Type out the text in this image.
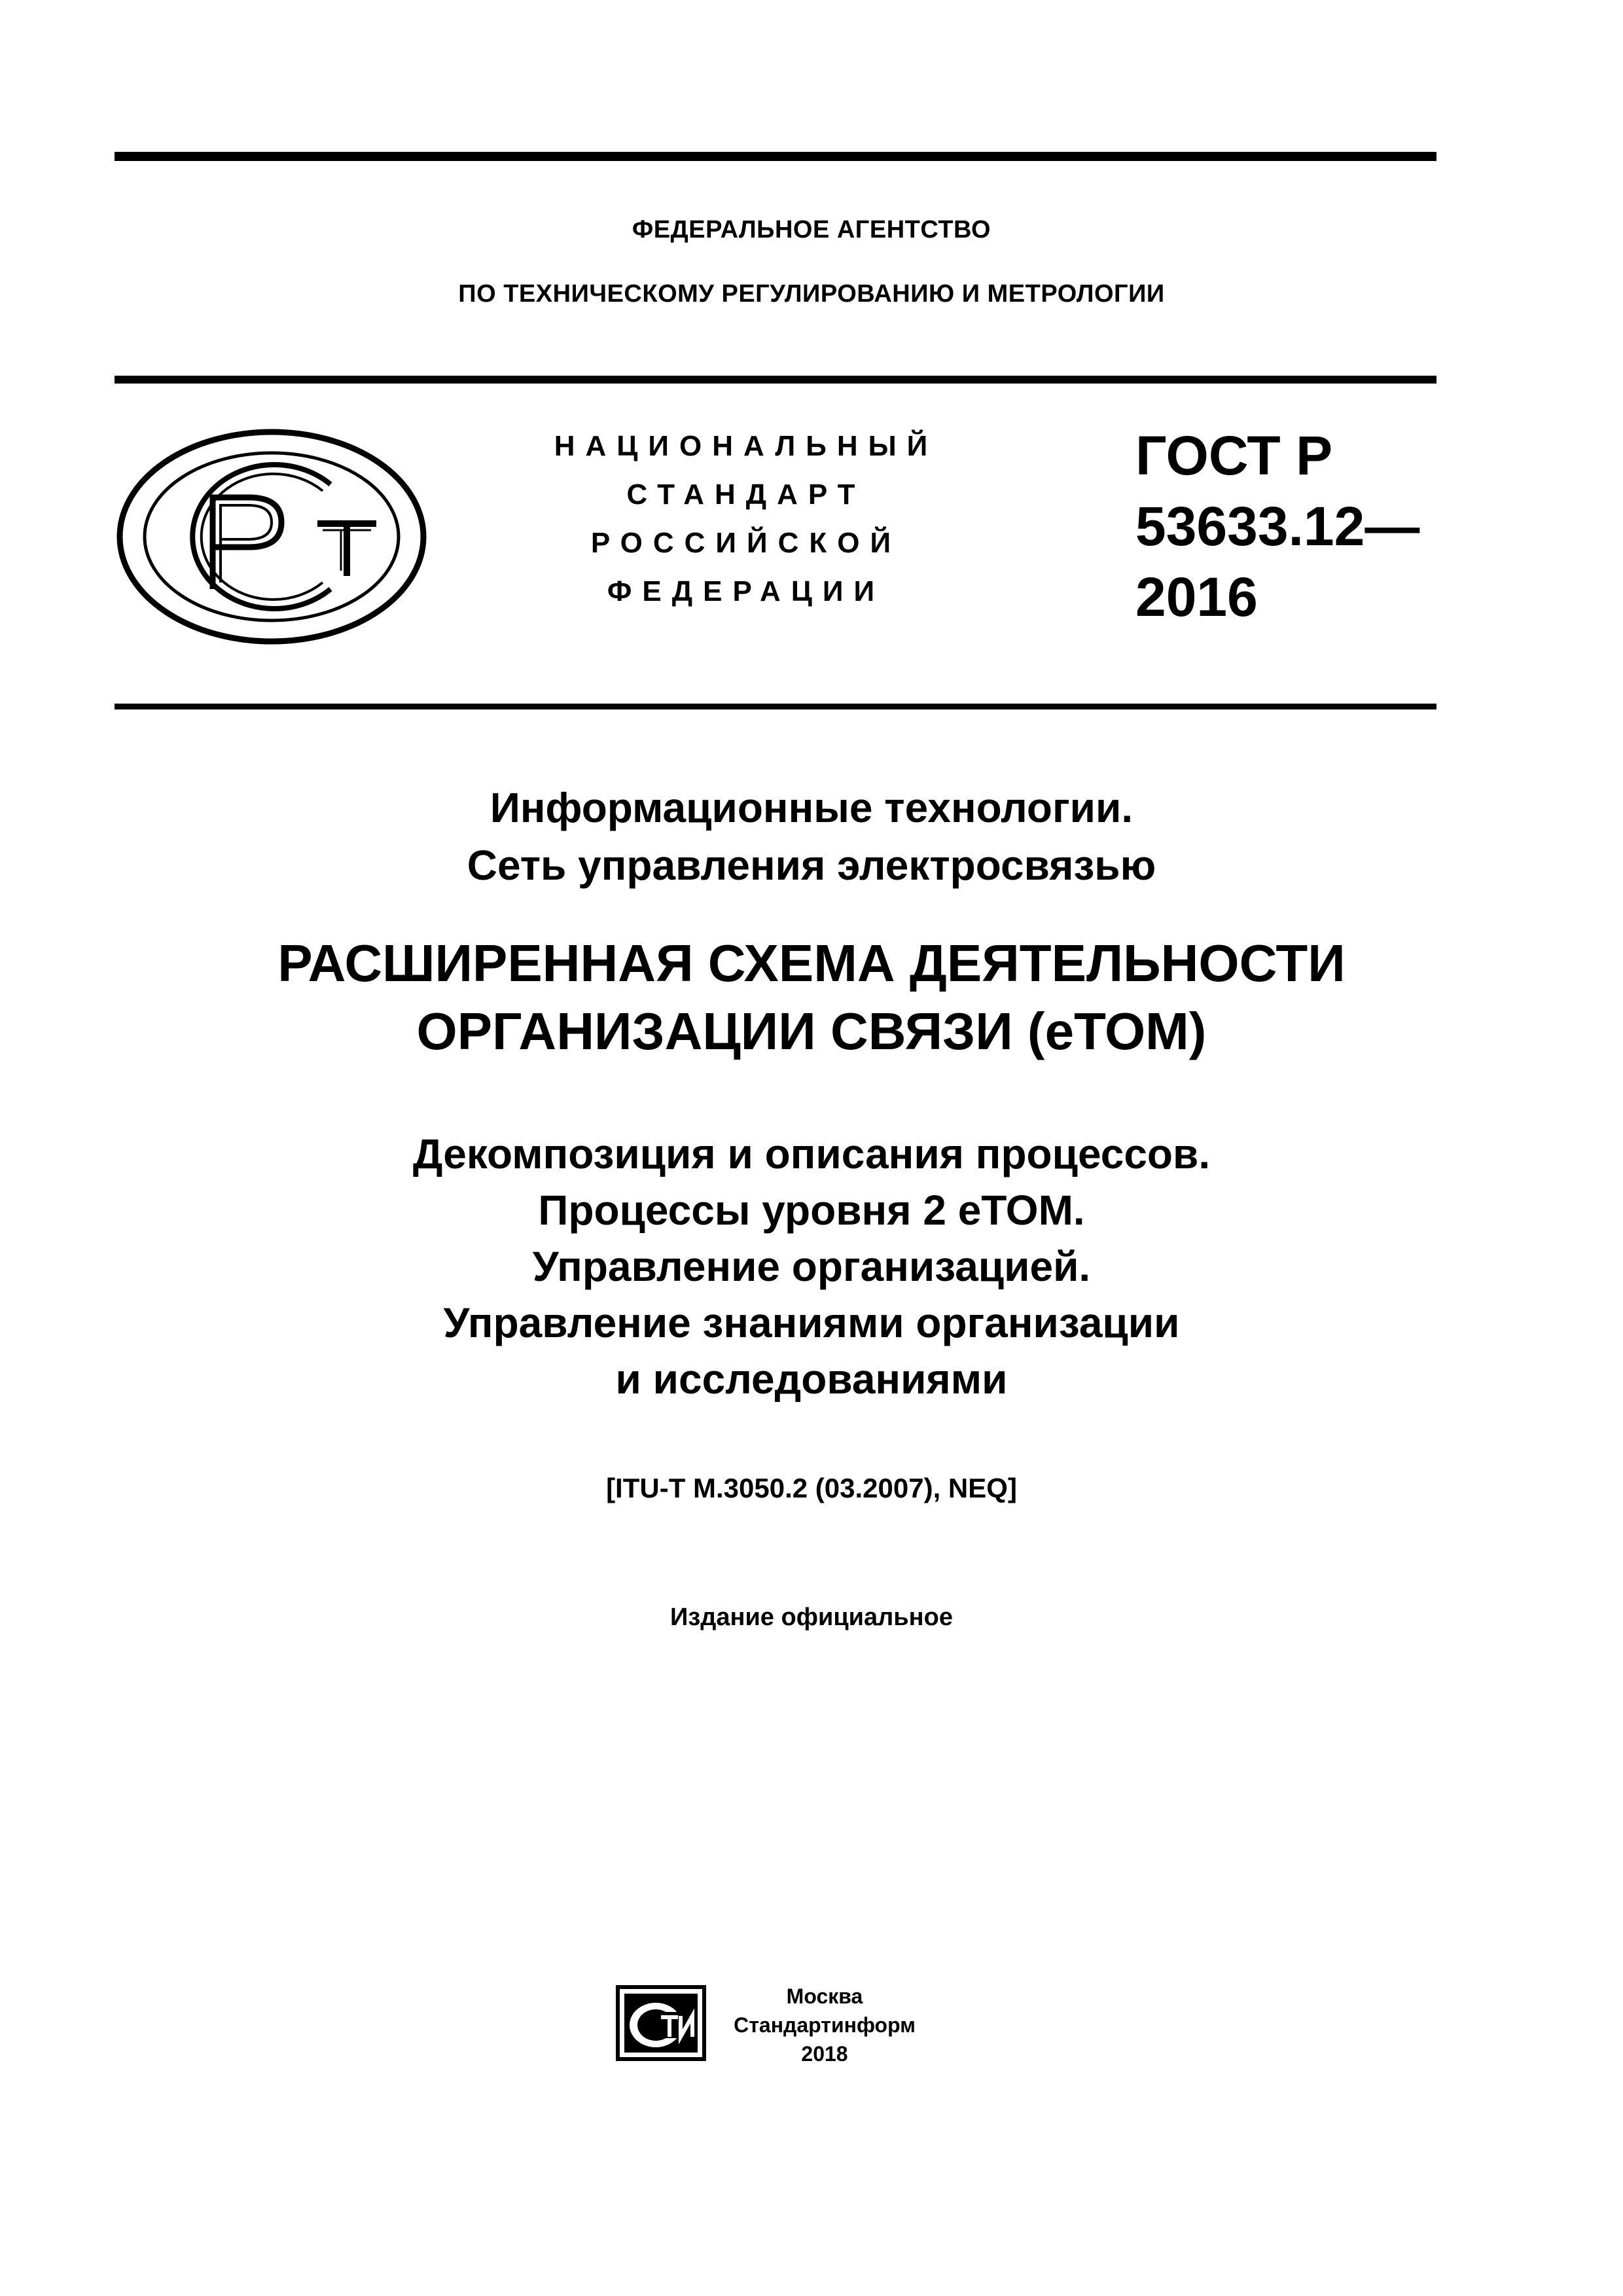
ФЕДЕРАЛЬНОЕ АГЕНТСТВО
ПО ТЕХНИЧЕСКОМУ РЕГУЛИРОВАНИЮ И МЕТРОЛОГИИ
НАЦИОНАЛЬНЫЙ
СТАНДАРТ
РОССИЙСКОЙ
ФЕДЕРАЦИИ
ГОСТ Р
53633.12—
2016
Информационные технологии.
Сеть управления электросвязью
РАСШИРЕННАЯ СХЕМА ДЕЯТЕЛЬНОСТИ
ОРГАНИЗАЦИИ СВЯЗИ (еТОМ)
Декомпозиция и описания процессов.
Процессы уровня 2 еТОМ.
Управление организацией.
Управление знаниями организации
и исследованиями
[ITU-T M.3050.2 (03.2007), NEQ]
Издание официальное
Москва
Стандартинформ
2018
